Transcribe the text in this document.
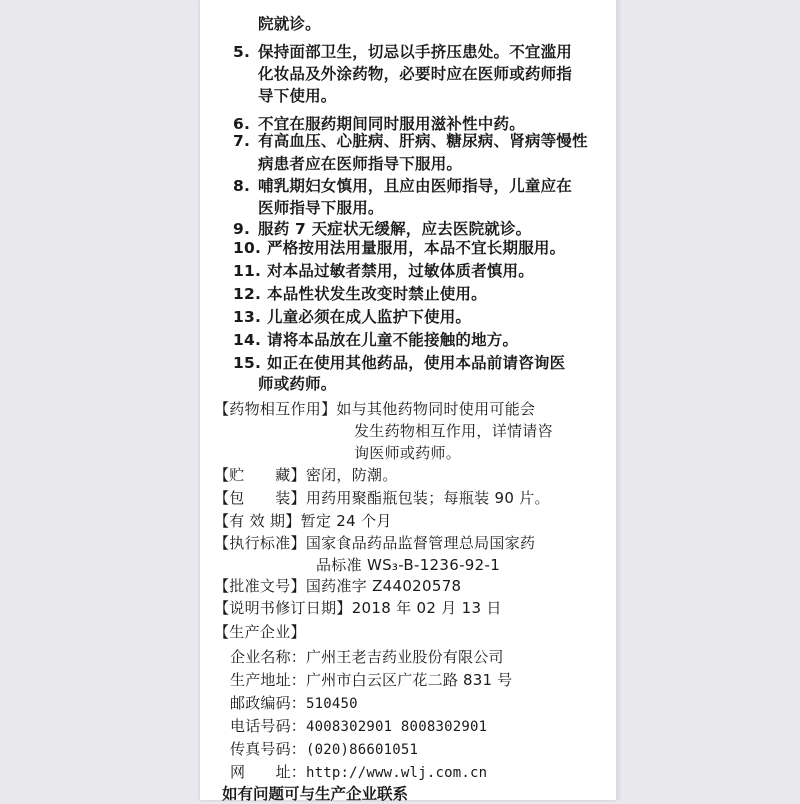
院就诊。
5. 保持面部卫生，切忌以手挤压患处。不宜滥用
化妆品及外涂药物，必要时应在医师或药师指
导下使用。
6. 不宜在服药期间同时服用滋补性中药。
7. 有高血压、心脏病、肝病、糖尿病、肾病等慢性
病患者应在医师指导下服用。
8. 哺乳期妇女慎用，且应由医师指导，儿童应在
医师指导下服用。
9. 服药 7 天症状无缓解，应去医院就诊。
10. 严格按用法用量服用，本品不宜长期服用。
11. 对本品过敏者禁用，过敏体质者慎用。
12. 本品性状发生改变时禁止使用。
13. 儿童必须在成人监护下使用。
14. 请将本品放在儿童不能接触的地方。
15. 如正在使用其他药品，使用本品前请咨询医
师或药师。
【药物相互作用】如与其他药物同时使用可能会
发生药物相互作用，详情请咨
询医师或药师。
【贮　　藏】密闭，防潮。
【包　　装】用药用聚酯瓶包装；每瓶装 90 片。
【有 效 期】暂定 24 个月
【执行标准】国家食品药品监督管理总局国家药
品标准 WS₃-B-1236-92-1
【批准文号】国药准字 Z44020578
【说明书修订日期】2018 年 02 月 13 日
【生产企业】
企业名称：广州王老吉药业股份有限公司
生产地址：广州市白云区广花二路 831 号
邮政编码：510450
电话号码：4008302901 8008302901
传真号码：(020)86601051
网　　址：http://www.wlj.com.cn
如有问题可与生产企业联系
